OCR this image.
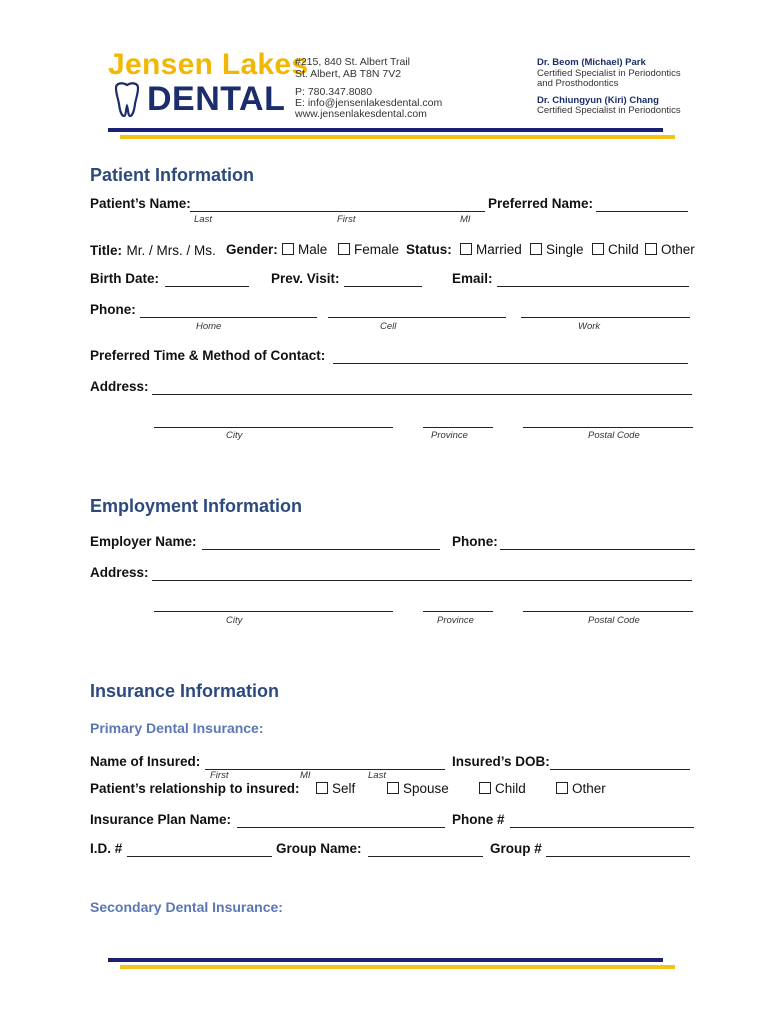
Jensen Lakes
DENTAL
#215, 840 St. Albert Trail
St. Albert, AB T8N 7V2
P: 780.347.8080
E: info@jensenlakesdental.com
www.jensenlakesdental.com
Dr. Beom (Michael) Park
Certified Specialist in Periodontics
and Prosthodontics
Dr. Chiungyun (Kiri) Chang
Certified Specialist in Periodontics
Patient Information
Patient’s Name:	Preferred Name:
Last	First	MI
Title: Mr. / Mrs. / Ms. Gender:	Male	Female Status:	Married	Single	Child	Other
Birth Date:	Prev. Visit:	Email:
Phone:
Home	Cell	Work
Preferred Time & Method of Contact:
Address:
City	Province	Postal Code
Employment Information
Employer Name:	Phone:
Address:
City	Province	Postal Code
Insurance Information
Primary Dental Insurance:
Name of Insured:	Insured’s DOB:
First	MI	Last
Patient’s relationship to insured:	Self	Spouse	Child	Other
Insurance Plan Name:	Phone #
I.D. #	Group Name:	Group #
Secondary Dental Insurance:
